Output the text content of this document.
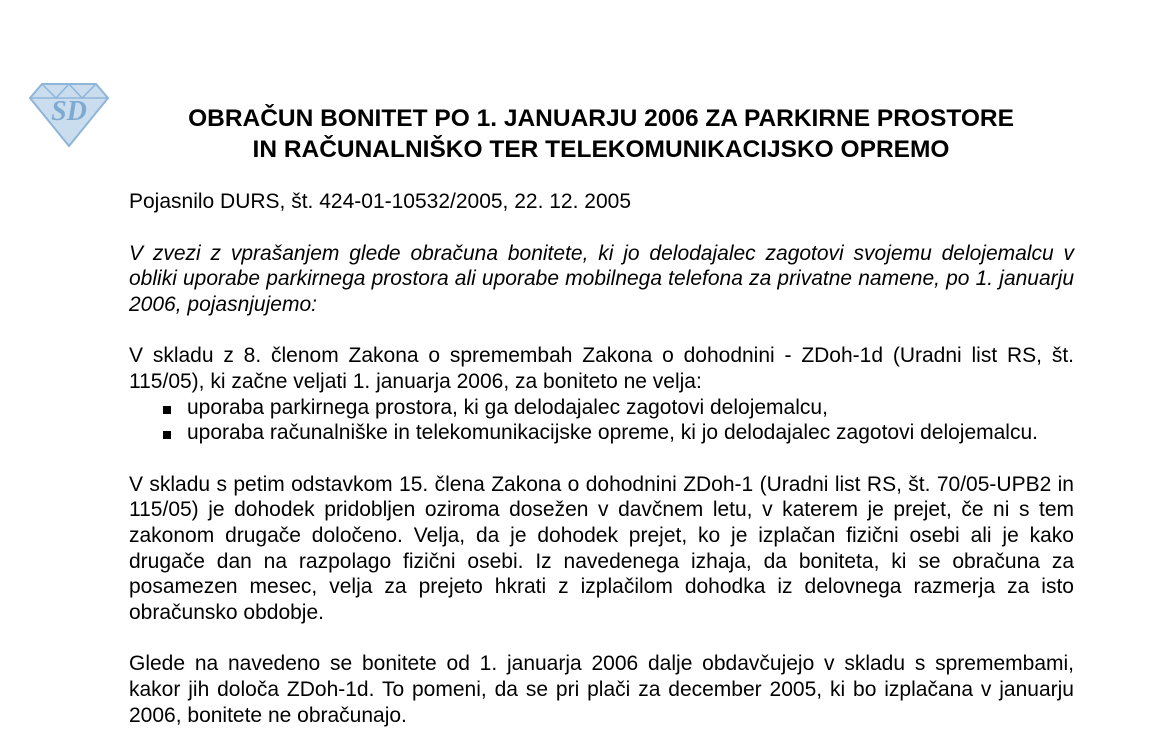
SD	OBRAČUN BONITET PO 1. JANUARJU 2006 ZA PARKIRNE PROSTORE
IN RAČUNALNIŠKO TER TELEKOMUNIKACIJSKO OPREMO

Pojasnilo DURS, št. 424-01-10532/2005, 22. 12. 2005

V zvezi z vprašanjem glede obračuna bonitete, ki jo delodajalec zagotovi svojemu delojemalcu v obliki uporabe parkirnega prostora ali uporabe mobilnega telefona za privatne namene, po 1. januarju 2006, pojasnjujemo:

V skladu z 8. členom Zakona o spremembah Zakona o dohodnini - ZDoh-1d (Uradni list RS, št. 115/05), ki začne veljati 1. januarja 2006, za boniteto ne velja:

uporaba parkirnega prostora, ki ga delodajalec zagotovi delojemalcu,
uporaba računalniške in telekomunikacijske opreme, ki jo delodajalec zagotovi delojemalcu.

V skladu s petim odstavkom 15. člena Zakona o dohodnini ZDoh-1 (Uradni list RS, št. 70/05-UPB2 in 115/05) je dohodek pridobljen oziroma dosežen v davčnem letu, v katerem je prejet, če ni s tem zakonom drugače določeno. Velja, da je dohodek prejet, ko je izplačan fizični osebi ali je kako drugače dan na razpolago fizični osebi. Iz navedenega izhaja, da boniteta, ki se obračuna za posamezen mesec, velja za prejeto hkrati z izplačilom dohodka iz delovnega razmerja za isto obračunsko obdobje.

Glede na navedeno se bonitete od 1. januarja 2006 dalje obdavčujejo v skladu s spremembami, kakor jih določa ZDoh-1d. To pomeni, da se pri plači za december 2005, ki bo izplačana v januarju 2006, bonitete ne obračunajo.
